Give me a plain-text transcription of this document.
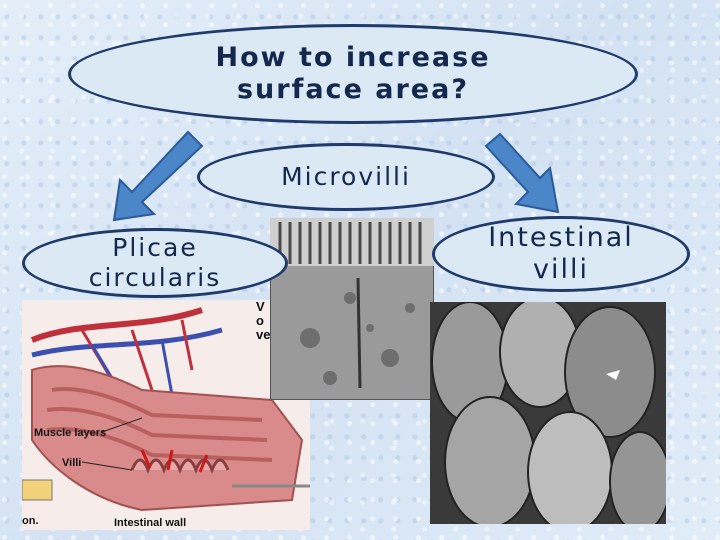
How to increase
surface area?
Microvilli
Muscle layers
Villi
Intestinal wall
on.
Plicae
circularis
Intestinal
villi
V
o
ve
